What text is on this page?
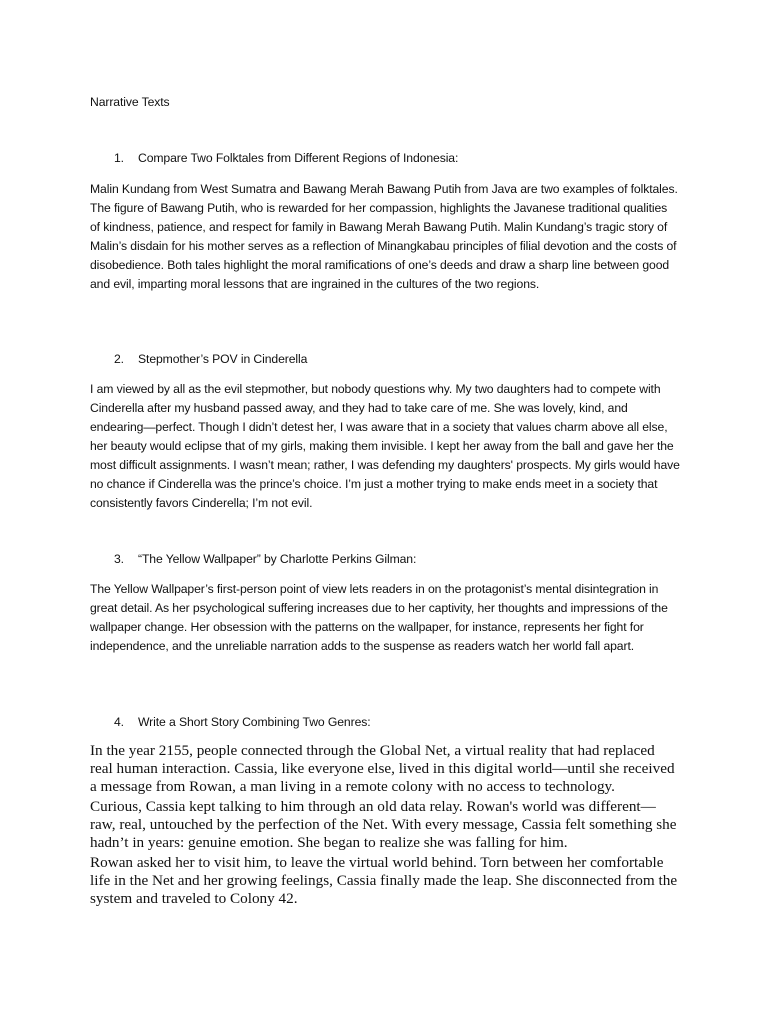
Narrative Texts
1. Compare Two Folktales from Different Regions of Indonesia:

Malin Kundang from West Sumatra and Bawang Merah Bawang Putih from Java are two examples of folktales. The figure of Bawang Putih, who is rewarded for her compassion, highlights the Javanese traditional qualities of kindness, patience, and respect for family in Bawang Merah Bawang Putih. Malin Kundang’s tragic story of Malin’s disdain for his mother serves as a reflection of Minangkabau principles of filial devotion and the costs of disobedience. Both tales highlight the moral ramifications of one’s deeds and draw a sharp line between good and evil, imparting moral lessons that are ingrained in the cultures of the two regions.

2. Stepmother’s POV in Cinderella

I am viewed by all as the evil stepmother, but nobody questions why. My two daughters had to compete with Cinderella after my husband passed away, and they had to take care of me. She was lovely, kind, and endearing—perfect. Though I didn’t detest her, I was aware that in a society that values charm above all else, her beauty would eclipse that of my girls, making them invisible. I kept her away from the ball and gave her the most difficult assignments. I wasn’t mean; rather, I was defending my daughters' prospects. My girls would have no chance if Cinderella was the prince’s choice. I’m just a mother trying to make ends meet in a society that consistently favors Cinderella; I’m not evil.

3. “The Yellow Wallpaper” by Charlotte Perkins Gilman:

The Yellow Wallpaper’s first-person point of view lets readers in on the protagonist’s mental disintegration in great detail. As her psychological suffering increases due to her captivity, her thoughts and impressions of the wallpaper change. Her obsession with the patterns on the wallpaper, for instance, represents her fight for independence, and the unreliable narration adds to the suspense as readers watch her world fall apart.

4. Write a Short Story Combining Two Genres:

In the year 2155, people connected through the Global Net, a virtual reality that had replaced real human interaction. Cassia, like everyone else, lived in this digital world—until she received a message from Rowan, a man living in a remote colony with no access to technology.

Curious, Cassia kept talking to him through an old data relay. Rowan's world was different—raw, real, untouched by the perfection of the Net. With every message, Cassia felt something she hadn’t in years: genuine emotion. She began to realize she was falling for him.

Rowan asked her to visit him, to leave the virtual world behind. Torn between her comfortable life in the Net and her growing feelings, Cassia finally made the leap. She disconnected from the system and traveled to Colony 42.
